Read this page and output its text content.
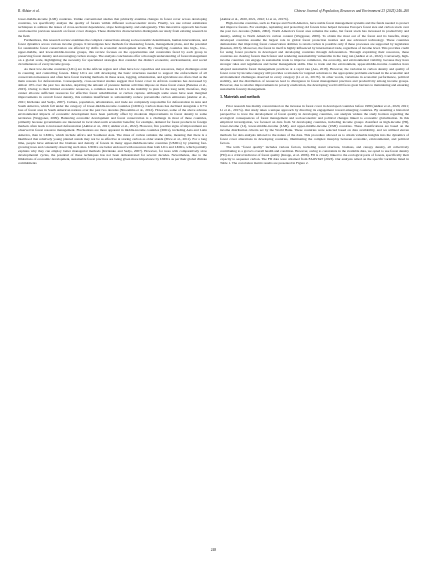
R. Akhtar et al.	Chinese Journal of Population, Resources and Environment 23 (2025) 246–260

lower-middle-income (LMI) countries. Unlike conventional studies that primarily examine changes in forest cover across developing countries, we specifically analyze the quality of forests within different socioeconomic strata. Finally, we use robust estimation techniques to address the issues of cross-sectional dependence, slope homogeneity, and endogeneity. This innovative approach has been overlooked in previous research on forest cover changes. These distinctive characteristics distinguish our study from existing research in the field.

Furthermore, this research review examines the complex connections among socioeconomic determinants, human interventions, and forest dynamics across various income groups. It investigates how methods for measuring forests, management plans, and the potential for sustainable forest conservation are affected by shifts in economic development levels. By classifying countries into high-, low-, upper-middle, and lower-middle-income groups, this review focuses on the opportunities and constraints faced by each group in preserving forest density and encouraging carbon storage. The analysis conclusions offer a thorough understanding of forest management on a global scale, highlighting the necessity for specialized strategies that consider the distinct economic, environmental, and social circumstances of every income group.

As most low-income countries (LICs) are in the African region and often have low capacities and resources, major challenges exist in counting and controlling forests. Many LICs are still developing the basic structures needed to support the enforcement of all conservation measures and often have forest tracking methods. In these areas, logging, urbanization, and agriculture are often cited as the main reasons for deforestation. Consequently, cross-sectional studies suggest that forest cover in African countries has decreased by almost 10% over the past two decades, depicting the amount of pressure human activities impose on these forest zones (Batensa et al., 2023). Owing to their limited economic resources, a common issue in LICs is the inability to plan for the long term; therefore, they cannot allocate sufficient resources for effective forest rehabilitation or carbon capture. Although some areas have seen marginal improvements in overall forest density, this remains insufficient to substantially reduce preventable carbon emissions (Akhtar et al., 2021; Kirilenko and Sedjo, 2007). Culture, population, urbanization, and trade are completely responsible for deforestation in Asia and South America, which fall under the category of lower-middle-income countries (LMICs). Carbon mass has declined alongside a 9.7% loss of forest area in South American nations over the past two decades (Nnoomma et al., 2012). However, some of the above adverse environmental impacts of economic development have been partially offset by moderate improvements in forest density in some territories (Waggoner, 2009). Balancing economic development and forest conservation is a challenge in most of these countries, primarily because governments are interested in local short-term economic benefits; for example, demand for forest products in foreign markets often leads to increased deforestation (Akhtar et al., 2021; Akhtar et al., 2022). However, five positive signs of improvement are observed in forest resource management. Fluctuations are more apparent in middle-income countries (MICs), including Asia and Latin America, than in LMICs, which include Africa and Southeast Asia. The mass of carbon remains the same, meaning that there is a likelihood that relatively young planted stands may not be as effective at storing carbon as older stands (Price et al., 2011). For a long time, people have enhanced the biomass and density of forests in many upper-middle-income countries (UMICs) by planting fast-growing trees and constantly observing such sites. UMICs are better endowed with resources than both LICs and LMICs, which partially explains why they can employ better managerial methods (Kirilenko and Sedjo, 2007). However, for trees with comparatively slow developmental cycles, the potential of these techniques has not been demonstrated for several decades. Nevertheless, due to the limitations of economic development, sustainable forest practices are being given more importance by UMICs as per their global climate commitments

(Akhtar et al., 2020, 2021, 2022; Li et al., 2017b).

High-income countries, such as Europe and North America, have stable forest management systems and the funds needed to protect and improve forests. For example, replanting and protecting old forests have helped increase Europe's forest size and carbon stock over the past two decades (Smith, 2002). North America's forest area remains the same, but forest stock has increased in productivity and density, adding to North America's carbon content (Waggoner, 2009). To obtain the most out of the forest and its benefits, many developed countries assume the largest role in global forest protection treaties and use advanced technology. These countries demonstrate that improving forest conservation abilities to retain carbon is possible only if these processes are supported by legislation (Keenan, 2015). Moreover, the forest in itself is highly influenced by international trade, regardless of income level. This provides credit for using forest products in developed and developing countries through deforestation. Through exploiting their resources, these countries are clearing forests much faster and rendering sustainability vulnerable in the long run (Akhtar et al., 2022). Conversely, high-income countries can engage in sustainable trade to improve commerce, the economy, and environmental viability, because they have stronger rules and regulations and better management skills. Due to trade and the environment, upper-middle-income countries have adopted sustainable forest management practices at a rapid rate (Asa, 2018). However, the variation in carbon density and quality of forest cover by income category still provides a rationale for targeted solutions to the appropriate problems enclosed in the economic and environmental challenges observed in every category (Li et al., 2017b). In other words, variations in economic performance, political stability, and the distribution of resources lead to divergence in forest management practices and productivity among income groups. However, due to relative improvements in poverty eradication, the developing world still faces great barriers to maintaining and ensuring sustainable forestry management.

3. Materials and methods

Prior research has mainly concentrated on the increase in forest cover in developed countries before 1980 (Akhtar et al., 2020, 2021; Li et al., 2017a). Our study takes a unique approach by directing its engagement toward emerging countries. By assuming a historical perspective to trace the development of forest quality in developing countries, our analysis widens the study horizon regarding the ecological consequences of forest management and socioeconomic and political changes linked to economic globalization. In this empirical investigation, we focused on data from 52 developing countries, including income groups classified as high-income (HI), lower-income (LI), lower-middle-income (LMI), and upper-middle-income (UMI) countries. These classifications are based on the income distribution criteria set by the World Bank. These countries were selected based on data availability, and we utilized eleven methods for data analysis tailored to the nature of the data. This procedure allowed us to obtain valuable insights into the dynamics of forest cover alterations in developing countries, illuminating the complex interplay between economic, environmental, and political factors.

The term "forest quality" includes various factors, including stand structure, biomass, and canopy density, all collectively contributing to a grove's overall health and condition. However, owing to constraints in the available data, we opted to use forest density (FD) as a critical indicator of forest quality (Knapp, et al. 2006). FD is closely linked to the ecological parts of forests, specifically their capacity to sequester carbon. The FD data were obtained from FAOSTAT (2023). Our analysis relied on the specific variables listed in Table 1. The correlation matrix results are presented in Figure 2.

248
